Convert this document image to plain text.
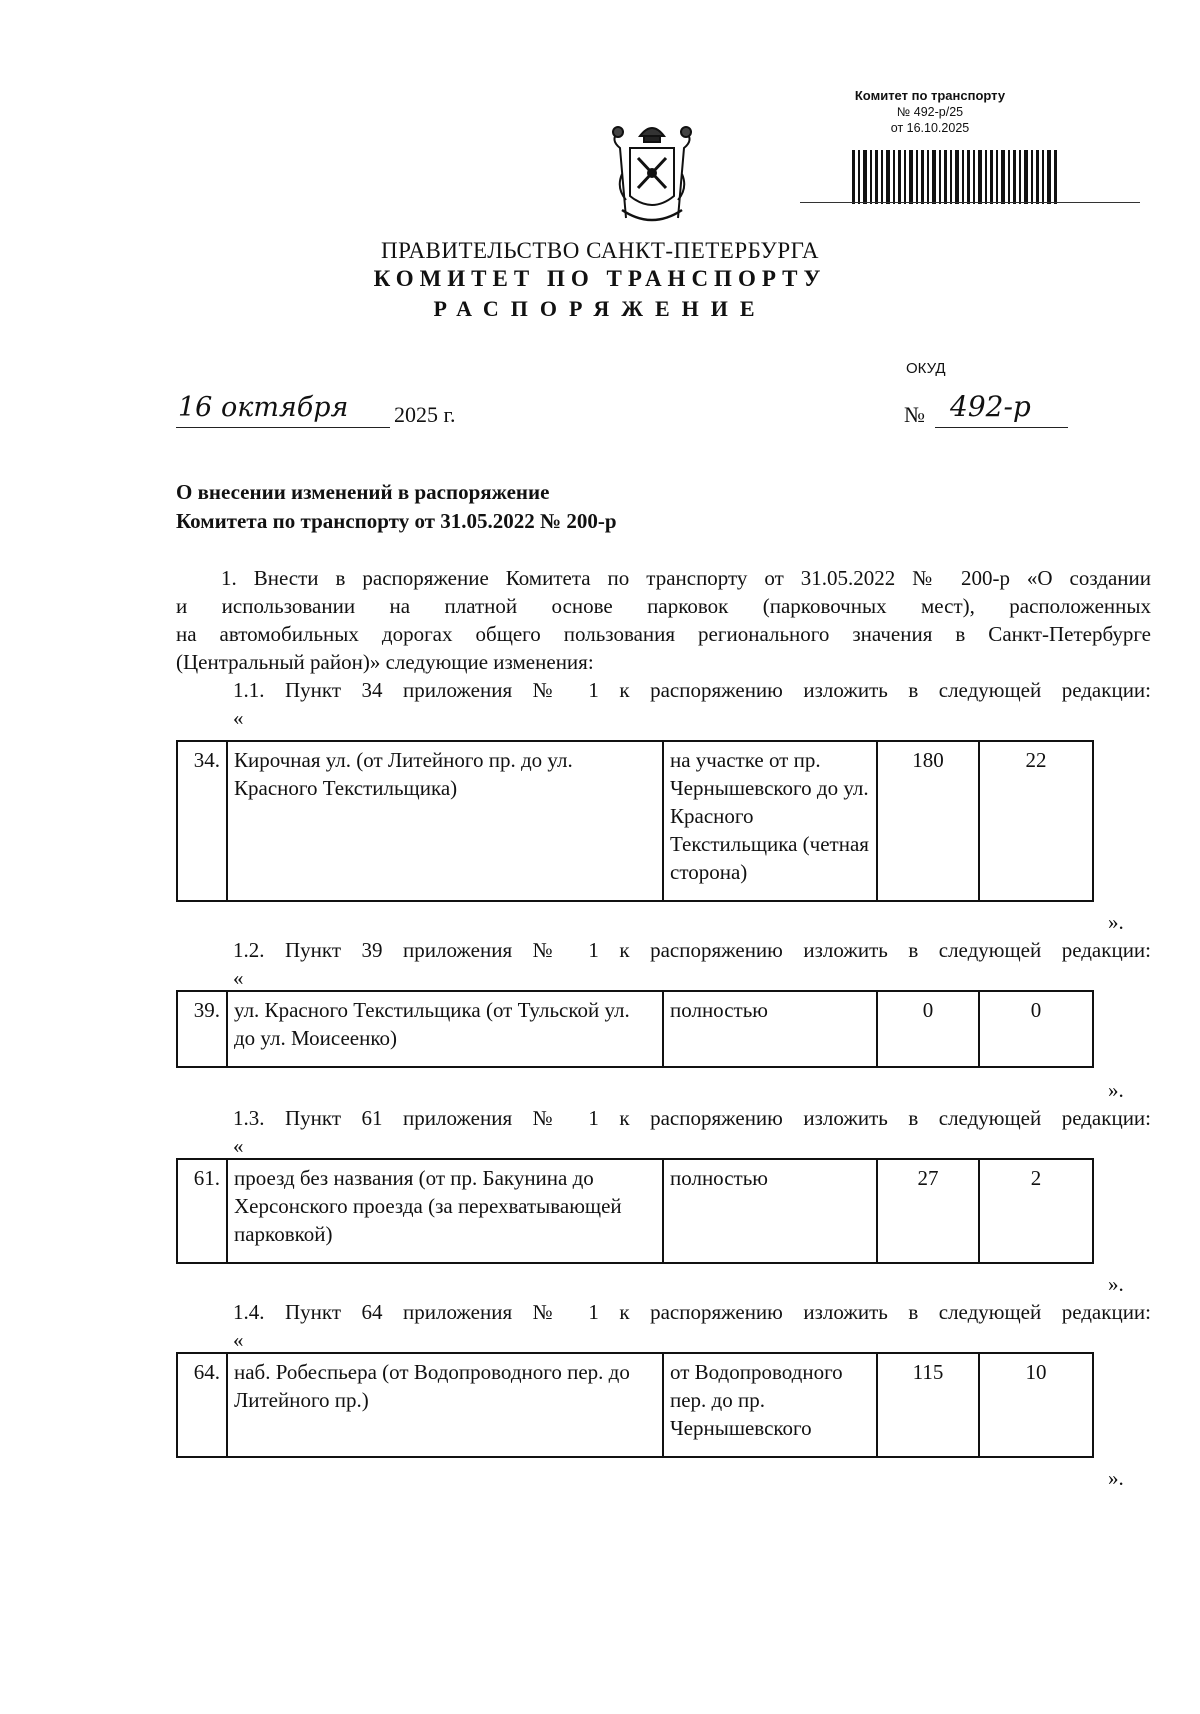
Комитет по транспорту
№ 492-р/25
от 16.10.2025
ПРАВИТЕЛЬСТВО САНКТ-ПЕТЕРБУРГА
КОМИТЕТ ПО ТРАНСПОРТУ
РАСПОРЯЖЕНИЕ
ОКУД
16 октября	2025 г.	№ 492-р
О внесении изменений в распоряжение
Комитета по транспорту от 31.05.2022 № 200-р
1. Внести в распоряжение Комитета по транспорту от 31.05.2022 № 200-р «О создании
и использовании на платной основе парковок (парковочных мест), расположенных
на автомобильных дорогах общего пользования регионального значения в Санкт-Петербурге
(Центральный район)» следующие изменения:
1.1. Пункт 34 приложения № 1 к распоряжению изложить в следующей редакции:
«
34.	Кирочная ул. (от Литейного пр. до ул. Красного Текстильщика)	на участке от пр. Чернышевского до ул. Красного Текстильщика (четная сторона)	180	22
».
1.2. Пункт 39 приложения № 1 к распоряжению изложить в следующей редакции:
«
39.	ул. Красного Текстильщика (от Тульской ул. до ул. Моисеенко)	полностью	0	0
».
1.3. Пункт 61 приложения № 1 к распоряжению изложить в следующей редакции:
«
61.	проезд без названия (от пр. Бакунина до Херсонского проезда (за перехватывающей парковкой)	полностью	27	2
».
1.4. Пункт 64 приложения № 1 к распоряжению изложить в следующей редакции:
«
64.	наб. Робеспьера (от Водопроводного пер. до Литейного пр.)	от Водопроводного пер. до пр. Чернышевского	115	10
».
